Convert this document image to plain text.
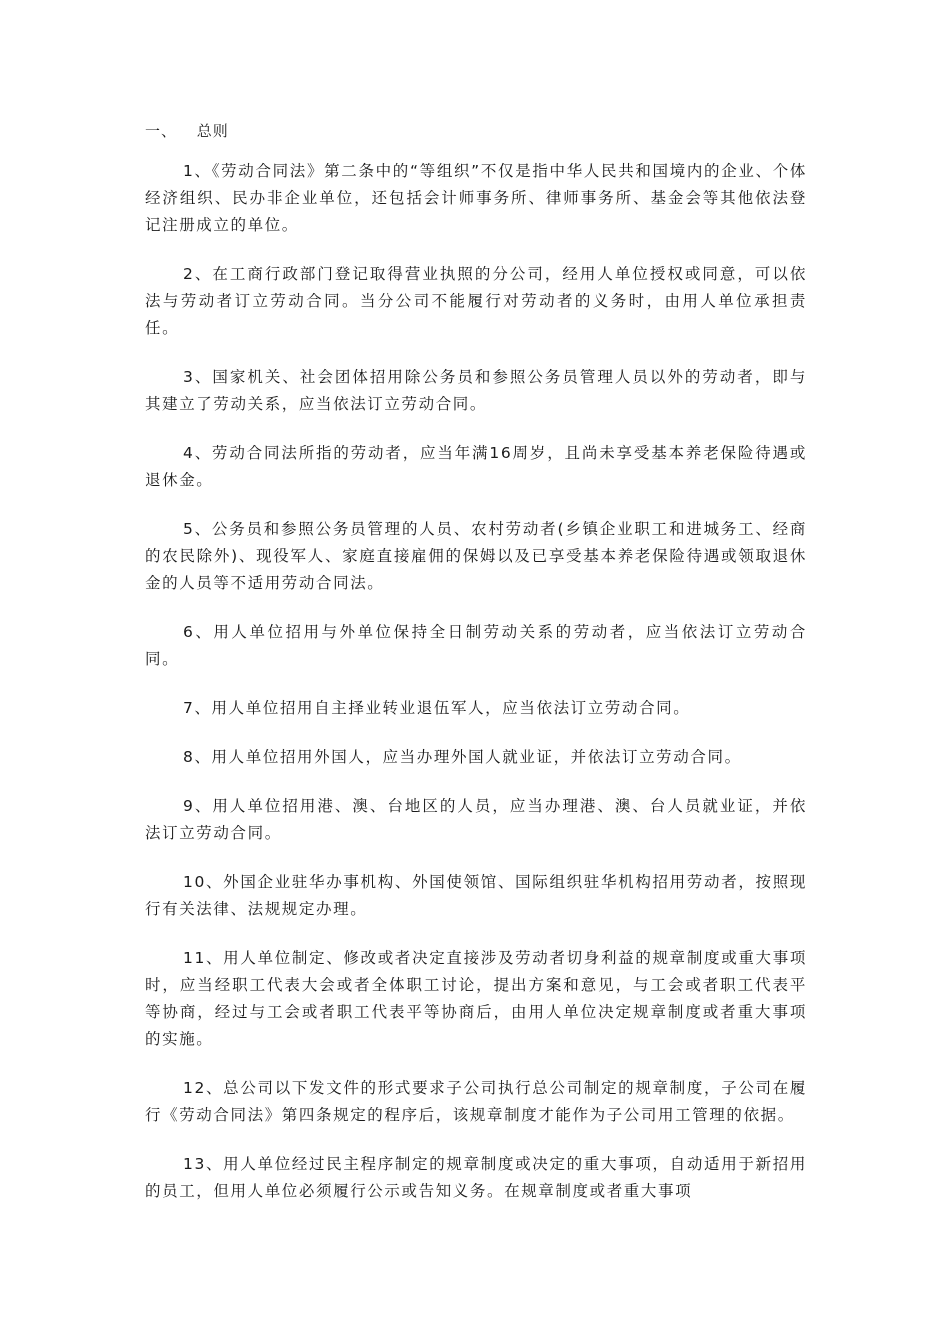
一、 总则

1、《劳动合同法》第二条中的“等组织”不仅是指中华人民共和国境内的企业、个体经济组织、民办非企业单位，还包括会计师事务所、律师事务所、基金会等其他依法登记注册成立的单位。

2、在工商行政部门登记取得营业执照的分公司，经用人单位授权或同意，可以依法与劳动者订立劳动合同。当分公司不能履行对劳动者的义务时，由用人单位承担责任。

3、国家机关、社会团体招用除公务员和参照公务员管理人员以外的劳动者，即与其建立了劳动关系，应当依法订立劳动合同。

4、劳动合同法所指的劳动者，应当年满16周岁，且尚未享受基本养老保险待遇或退休金。

5、公务员和参照公务员管理的人员、农村劳动者(乡镇企业职工和进城务工、经商的农民除外)、现役军人、家庭直接雇佣的保姆以及已享受基本养老保险待遇或领取退休金的人员等不适用劳动合同法。

6、用人单位招用与外单位保持全日制劳动关系的劳动者，应当依法订立劳动合同。

7、用人单位招用自主择业转业退伍军人，应当依法订立劳动合同。

8、用人单位招用外国人，应当办理外国人就业证，并依法订立劳动合同。

9、用人单位招用港、澳、台地区的人员，应当办理港、澳、台人员就业证，并依法订立劳动合同。

10、外国企业驻华办事机构、外国使领馆、国际组织驻华机构招用劳动者，按照现行有关法律、法规规定办理。

11、用人单位制定、修改或者决定直接涉及劳动者切身利益的规章制度或重大事项时，应当经职工代表大会或者全体职工讨论，提出方案和意见，与工会或者职工代表平等协商，经过与工会或者职工代表平等协商后，由用人单位决定规章制度或者重大事项的实施。

12、总公司以下发文件的形式要求子公司执行总公司制定的规章制度，子公司在履行《劳动合同法》第四条规定的程序后，该规章制度才能作为子公司用工管理的依据。

13、用人单位经过民主程序制定的规章制度或决定的重大事项，自动适用于新招用的员工，但用人单位必须履行公示或告知义务。在规章制度或者重大事项
